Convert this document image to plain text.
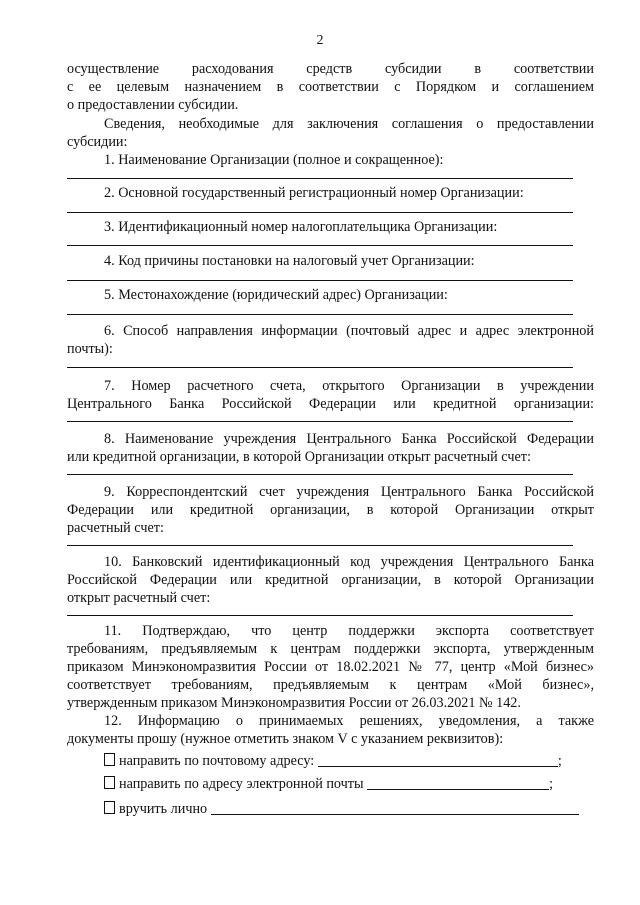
2
осуществление расходования средств субсидии в соответствии
с ее целевым назначением в соответствии с Порядком и соглашением
о предоставлении субсидии.
Сведения, необходимые для заключения соглашения о предоставлении
субсидии:
1. Наименование Организации (полное и сокращенное):
2. Основной государственный регистрационный номер Организации:
3. Идентификационный номер налогоплательщика Организации:
4. Код причины постановки на налоговый учет Организации:
5. Местонахождение (юридический адрес) Организации:
6. Способ направления информации (почтовый адрес и адрес электронной
почты):
7. Номер расчетного счета, открытого Организации в учреждении
Центрального Банка Российской Федерации или кредитной организации:
8. Наименование учреждения Центрального Банка Российской Федерации
или кредитной организации, в которой Организации открыт расчетный счет:
9. Корреспондентский счет учреждения Центрального Банка Российской
Федерации или кредитной организации, в которой Организации открыт
расчетный счет:
10. Банковский идентификационный код учреждения Центрального Банка
Российской Федерации или кредитной организации, в которой Организации
открыт расчетный счет:
11. Подтверждаю, что центр поддержки экспорта соответствует
требованиям, предъявляемым к центрам поддержки экспорта, утвержденным
приказом Минэкономразвития России от 18.02.2021 № 77, центр «Мой бизнес»
соответствует требованиям, предъявляемым к центрам «Мой бизнес»,
утвержденным приказом Минэкономразвития России от 26.03.2021 № 142.
12. Информацию о принимаемых решениях, уведомления, а также
документы прошу (нужное отметить знаком V с указанием реквизитов):
направить по почтовому адресу:	;
направить по адресу электронной почты	;
вручить лично
